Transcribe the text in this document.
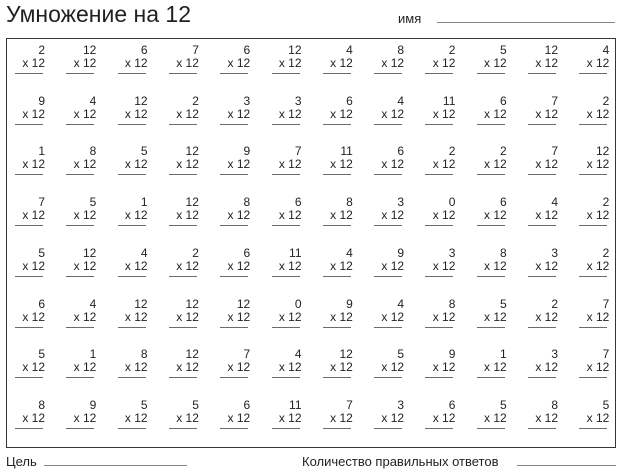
Умножение на 12	имя
2
x 12
12
x 12
6
x 12
7
x 12
6
x 12
12
x 12
4
x 12
8
x 12
2
x 12
5
x 12
12
x 12
4
x 12
9
x 12
4
x 12
12
x 12
2
x 12
3
x 12
3
x 12
6
x 12
4
x 12
11
x 12
6
x 12
7
x 12
2
x 12
1
x 12
8
x 12
5
x 12
12
x 12
9
x 12
7
x 12
11
x 12
6
x 12
2
x 12
2
x 12
7
x 12
12
x 12
7
x 12
5
x 12
1
x 12
12
x 12
8
x 12
6
x 12
8
x 12
3
x 12
0
x 12
6
x 12
4
x 12
2
x 12
5
x 12
12
x 12
4
x 12
2
x 12
6
x 12
11
x 12
4
x 12
9
x 12
3
x 12
8
x 12
3
x 12
2
x 12
6
x 12
4
x 12
12
x 12
12
x 12
12
x 12
0
x 12
9
x 12
4
x 12
8
x 12
5
x 12
2
x 12
7
x 12
5
x 12
1
x 12
8
x 12
12
x 12
7
x 12
4
x 12
12
x 12
5
x 12
9
x 12
1
x 12
3
x 12
7
x 12
8
x 12
9
x 12
5
x 12
5
x 12
6
x 12
11
x 12
7
x 12
3
x 12
6
x 12
5
x 12
8
x 12
5
x 12
Цель	Количество правильных ответов
